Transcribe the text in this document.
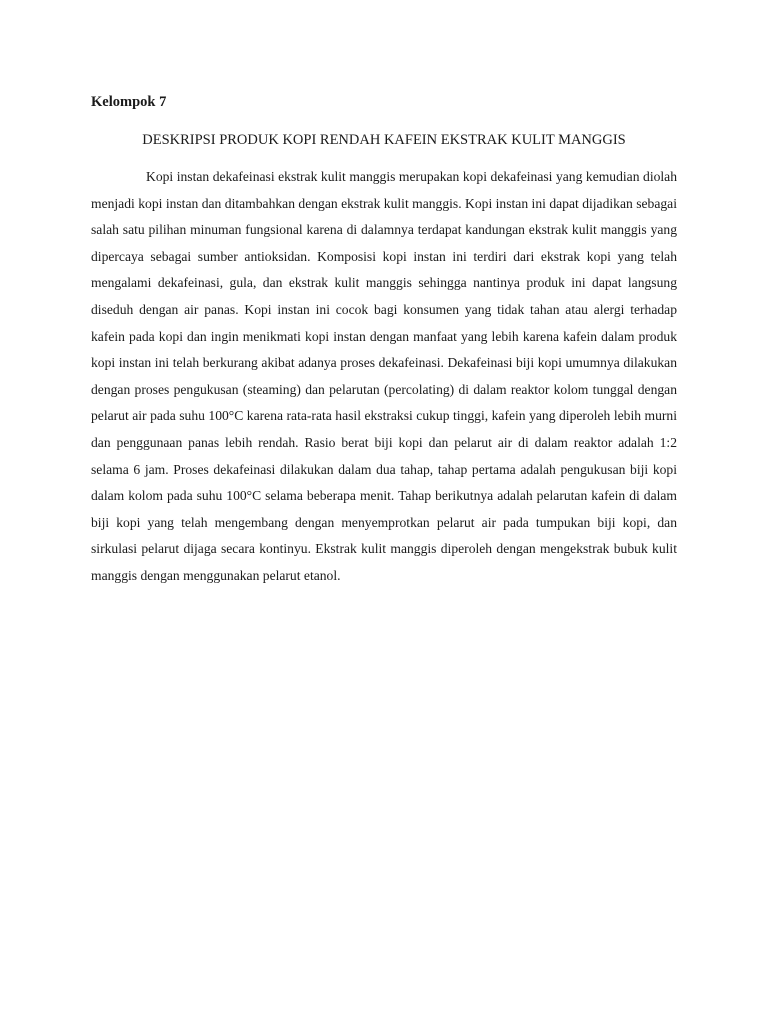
Kelompok 7

DESKRIPSI PRODUK KOPI RENDAH KAFEIN EKSTRAK KULIT MANGGIS

Kopi instan dekafeinasi ekstrak kulit manggis merupakan kopi dekafeinasi yang kemudian diolah menjadi kopi instan dan ditambahkan dengan ekstrak kulit manggis. Kopi instan ini dapat dijadikan sebagai salah satu pilihan minuman fungsional karena di dalamnya terdapat kandungan ekstrak kulit manggis yang dipercaya sebagai sumber antioksidan. Komposisi kopi instan ini terdiri dari ekstrak kopi yang telah mengalami dekafeinasi, gula, dan ekstrak kulit manggis sehingga nantinya produk ini dapat langsung diseduh dengan air panas. Kopi instan ini cocok bagi konsumen yang tidak tahan atau alergi terhadap kafein pada kopi dan ingin menikmati kopi instan dengan manfaat yang lebih karena kafein dalam produk kopi instan ini telah berkurang akibat adanya proses dekafeinasi. Dekafeinasi biji kopi umumnya dilakukan dengan proses pengukusan (steaming) dan pelarutan (percolating) di dalam reaktor kolom tunggal dengan pelarut air pada suhu 100°C karena rata-rata hasil ekstraksi cukup tinggi, kafein yang diperoleh lebih murni dan penggunaan panas lebih rendah. Rasio berat biji kopi dan pelarut air di dalam reaktor adalah 1:2 selama 6 jam. Proses dekafeinasi dilakukan dalam dua tahap, tahap pertama adalah pengukusan biji kopi dalam kolom pada suhu 100°C selama beberapa menit. Tahap berikutnya adalah pelarutan kafein di dalam biji kopi yang telah mengembang dengan menyemprotkan pelarut air pada tumpukan biji kopi, dan sirkulasi pelarut dijaga secara kontinyu. Ekstrak kulit manggis diperoleh dengan mengekstrak bubuk kulit manggis dengan menggunakan pelarut etanol.
